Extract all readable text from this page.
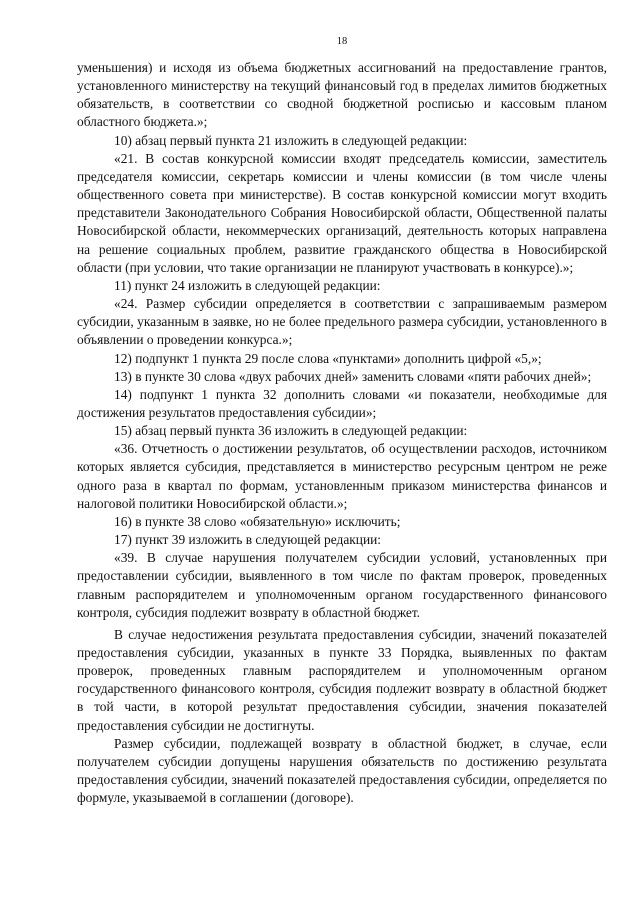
18

уменьшения) и исходя из объема бюджетных ассигнований на предоставление грантов, установленного министерству на текущий финансовый год в пределах лимитов бюджетных обязательств, в соответствии со сводной бюджетной росписью и кассовым планом областного бюджета.»;

10) абзац первый пункта 21 изложить в следующей редакции:

«21. В состав конкурсной комиссии входят председатель комиссии, заместитель председателя комиссии, секретарь комиссии и члены комиссии (в том числе члены общественного совета при министерстве). В состав конкурсной комиссии могут входить представители Законодательного Собрания Новосибирской области, Общественной палаты Новосибирской области, некоммерческих организаций, деятельность которых направлена на решение социальных проблем, развитие гражданского общества в Новосибирской области (при условии, что такие организации не планируют участвовать в конкурсе).»;

11) пункт 24 изложить в следующей редакции:

«24. Размер субсидии определяется в соответствии с запрашиваемым размером субсидии, указанным в заявке, но не более предельного размера субсидии, установленного в объявлении о проведении конкурса.»;

12) подпункт 1 пункта 29 после слова «пунктами» дополнить цифрой «5,»;

13) в пункте 30 слова «двух рабочих дней» заменить словами «пяти рабочих дней»;

14) подпункт 1 пункта 32 дополнить словами «и показатели, необходимые для достижения результатов предоставления субсидии»;

15) абзац первый пункта 36 изложить в следующей редакции:

«36. Отчетность о достижении результатов, об осуществлении расходов, источником которых является субсидия, представляется в министерство ресурсным центром не реже одного раза в квартал по формам, установленным приказом министерства финансов и налоговой политики Новосибирской области.»;

16) в пункте 38 слово «обязательную» исключить;

17) пункт 39 изложить в следующей редакции:

«39. В случае нарушения получателем субсидии условий, установленных при предоставлении субсидии, выявленного в том числе по фактам проверок, проведенных главным распорядителем и уполномоченным органом государственного финансового контроля, субсидия подлежит возврату в областной бюджет.

В случае недостижения результата предоставления субсидии, значений показателей предоставления субсидии, указанных в пункте 33 Порядка, выявленных по фактам проверок, проведенных главным распорядителем и уполномоченным органом государственного финансового контроля, субсидия подлежит возврату в областной бюджет в той части, в которой результат предоставления субсидии, значения показателей предоставления субсидии не достигнуты.

Размер субсидии, подлежащей возврату в областной бюджет, в случае, если получателем субсидии допущены нарушения обязательств по достижению результата предоставления субсидии, значений показателей предоставления субсидии, определяется по формуле, указываемой в соглашении (договоре).
